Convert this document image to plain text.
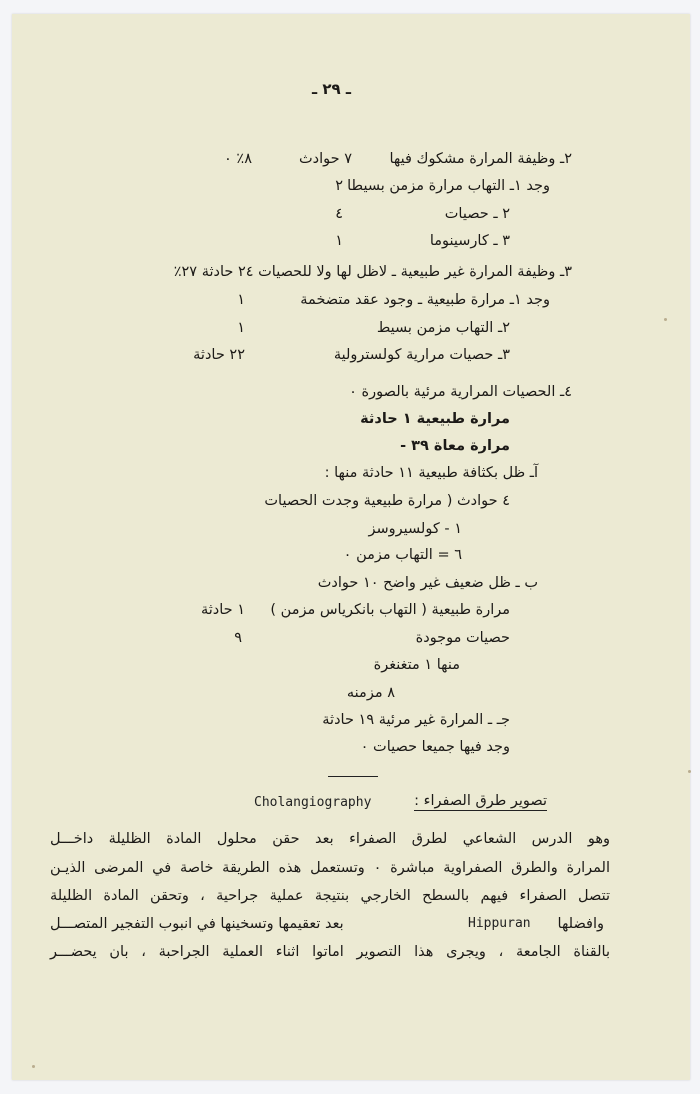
ـ ٢٩ ـ
٢ـ وظيفة المرارة مشكوك فيها
٧ حوادث
٨٪ ٠
وجد ١ـ التهاب مرارة مزمن بسيطا
٢
٢ ـ حصيات
٤
٣ ـ كارسينوما
١
٣ـ وظيفة المرارة غير طبيعية ـ لاظل لها ولا للحصيات ٢٤ حادثة ٢٧٪
وجد ١ـ مرارة طبيعية ـ وجود عقد متضخمة
١
٢ـ التهاب مزمن بسيط
١
٣ـ حصيات مرارية كولسترولية
٢٢ حادثة
٤ـ الحصيات المرارية مرئية بالصورة ٠
مرارة طبيعية ١ حادثة
مرارة معاة ٣٩ -
آـ ظل بكثافة طبيعية ١١ حادثة منها :
٤ حوادث ( مرارة طبيعية وجدت الحصيات
١ - كولسيروسز
٦ = التهاب مزمن ٠
ب ـ ظل ضعيف غير واضح ١٠ حوادث
مرارة طبيعية ( التهاب بانكرياس مزمن )
١ حادثة
حصيات موجودة
٩
منها ١ متغنغرة
٨ مزمنه
جـ ـ المرارة غير مرئية ١٩ حادثة
وجد فيها جميعا حصيات ٠
Cholangiography	تصوير طرق الصفراء :
وهو الدرس الشعاعي لطرق الصفراء بعد حقن محلول المادة الظليلة داخـــل
المرارة والطرق الصفراوية مباشرة ٠ وتستعمل هذه الطريقة خاصة في المرضى الذيـن
تتصل الصفراء فيهم بالسطح الخارجي بنتيجة عملية جراحية ، وتحقن المادة الظليلة
وافضلها
Hippuran
بعد تعقيمها وتسخينها في انبوب التفجير المتصـــل
بالقناة الجامعة ، ويجرى هذا التصوير اماتوا اثناء العملية الجراحبة ، بان يحضـــر
